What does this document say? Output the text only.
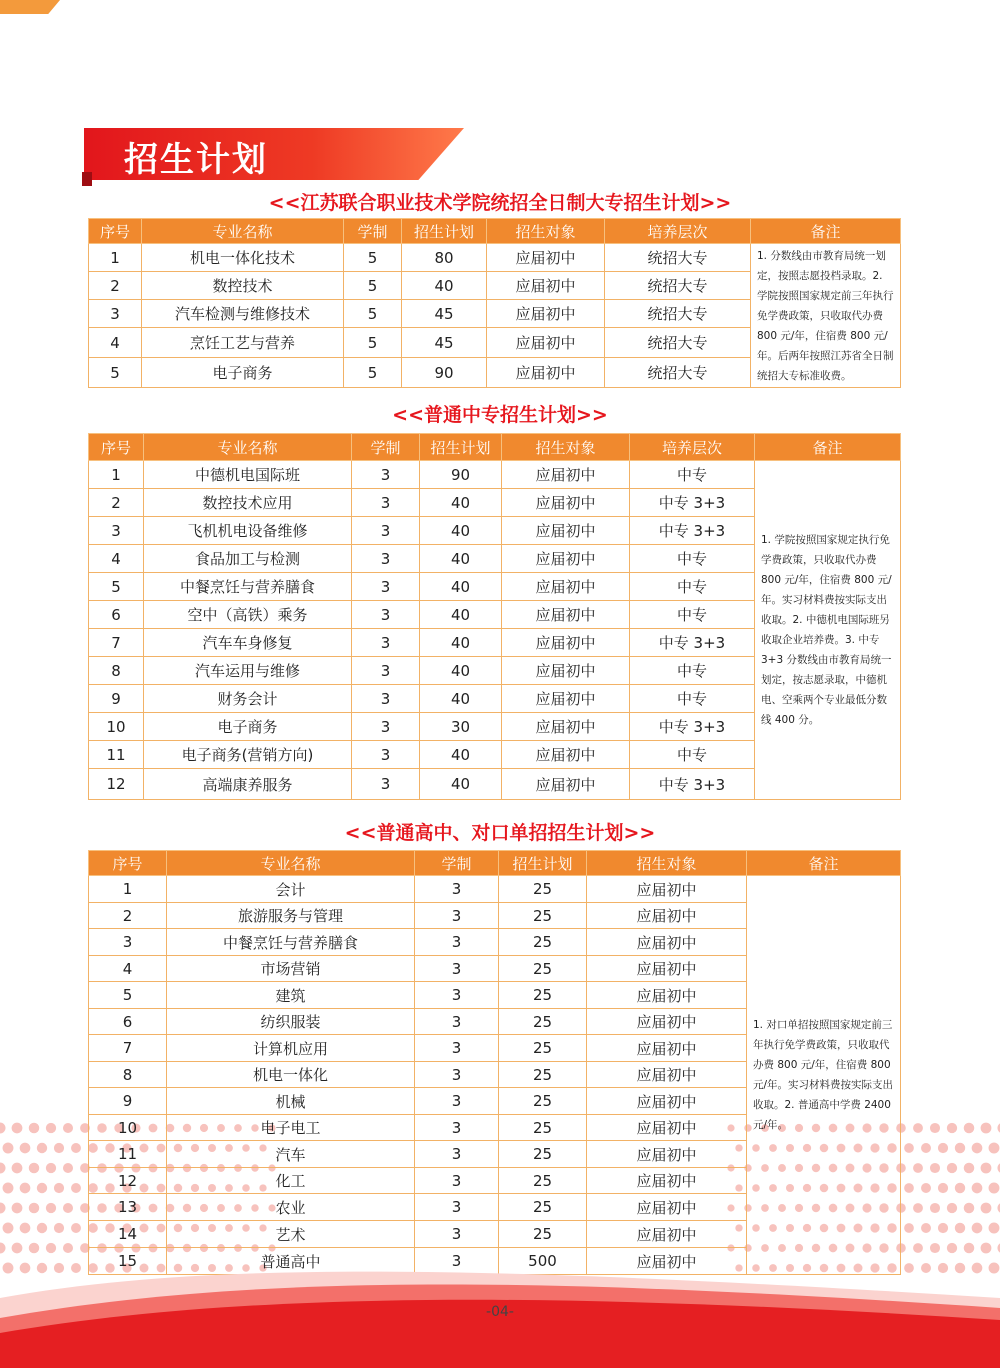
招生计划
<<江苏联合职业技术学院统招全日制大专招生计划>>
序号	专业名称	学制	招生计划	招生对象	培养层次	备注
1	机电一体化技术	5	80	应届初中	统招大专	1. 分数线由市教育局统一划定，按照志愿投档录取。2. 学院按照国家规定前三年执行免学费政策，只收取代办费 800 元/年，住宿费 800 元/年。后两年按照江苏省全日制统招大专标准收费。
2	数控技术	5	40	应届初中	统招大专	
3	汽车检测与维修技术	5	45	应届初中	统招大专	
4	烹饪工艺与营养	5	45	应届初中	统招大专	
5	电子商务	5	90	应届初中	统招大专	
<<普通中专招生计划>>
序号	专业名称	学制	招生计划	招生对象	培养层次	备注
1	中德机电国际班	3	90	应届初中	中专	1. 学院按照国家规定执行免学费政策，只收取代办费 800 元/年，住宿费 800 元/年。实习材料费按实际支出收取。2. 中德机电国际班另收取企业培养费。3. 中专 3+3 分数线由市教育局统一划定，按志愿录取，中德机电、空乘两个专业最低分数线 400 分。
2	数控技术应用	3	40	应届初中	中专 3+3	
3	飞机机电设备维修	3	40	应届初中	中专 3+3	
4	食品加工与检测	3	40	应届初中	中专	
5	中餐烹饪与营养膳食	3	40	应届初中	中专	
6	空中（高铁）乘务	3	40	应届初中	中专	
7	汽车车身修复	3	40	应届初中	中专 3+3	
8	汽车运用与维修	3	40	应届初中	中专	
9	财务会计	3	40	应届初中	中专	
10	电子商务	3	30	应届初中	中专 3+3	
11	电子商务(营销方向)	3	40	应届初中	中专	
12	高端康养服务	3	40	应届初中	中专 3+3	
<<普通高中、对口单招招生计划>>
序号	专业名称	学制	招生计划	招生对象	备注
1	会计	3	25	应届初中	1. 对口单招按照国家规定前三年执行免学费政策，只收取代办费 800 元/年，住宿费 800 元/年。实习材料费按实际支出收取。2. 普通高中学费 2400 元/年。
2	旅游服务与管理	3	25	应届初中	
3	中餐烹饪与营养膳食	3	25	应届初中	
4	市场营销	3	25	应届初中	
5	建筑	3	25	应届初中	
6	纺织服装	3	25	应届初中	
7	计算机应用	3	25	应届初中	
8	机电一体化	3	25	应届初中	
9	机械	3	25	应届初中	
10	电子电工	3	25	应届初中	
11	汽车	3	25	应届初中	
12	化工	3	25	应届初中	
13	农业	3	25	应届初中	
14	艺术	3	25	应届初中	
15	普通高中	3	500	应届初中	
-04-
